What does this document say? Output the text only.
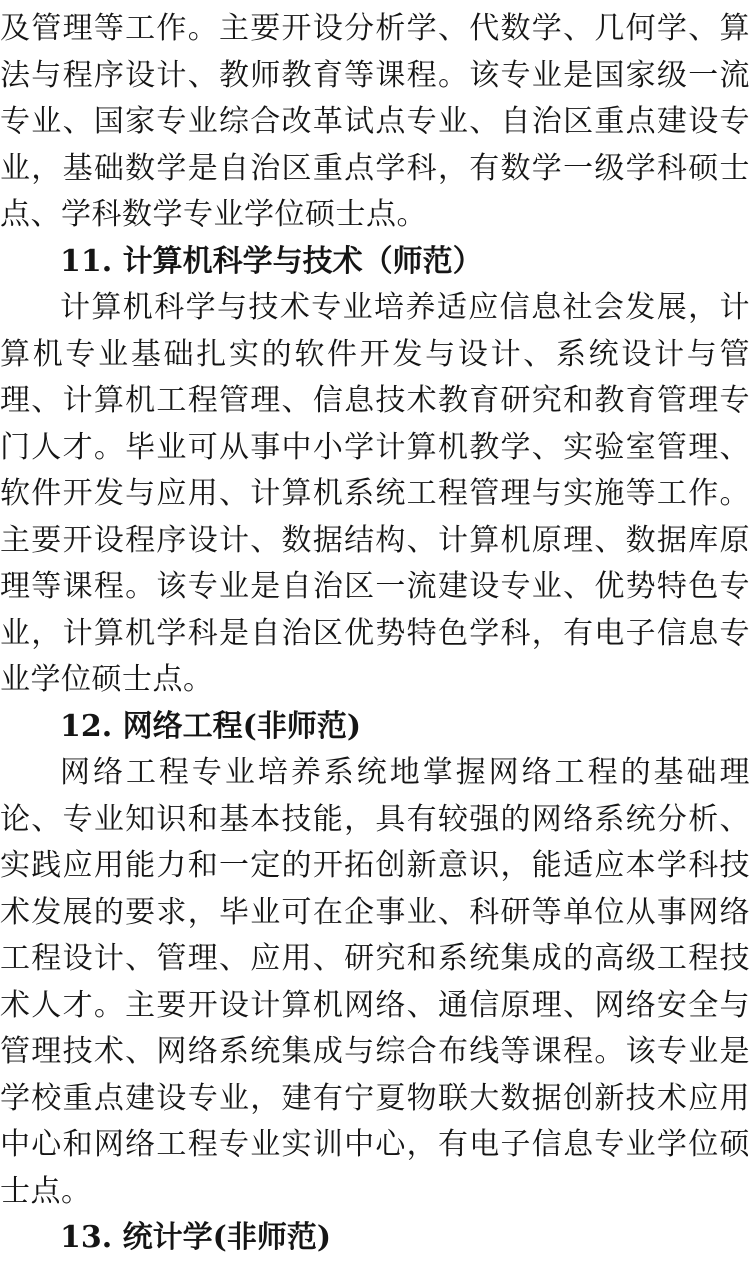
及管理等工作。主要开设分析学、代数学、几何学、算法与程序设计、教师教育等课程。该专业是国家级一流专业、国家专业综合改革试点专业、自治区重点建设专业，基础数学是自治区重点学科，有数学一级学科硕士点、学科数学专业学位硕士点。

11. 计算机科学与技术（师范）

计算机科学与技术专业培养适应信息社会发展，计算机专业基础扎实的软件开发与设计、系统设计与管理、计算机工程管理、信息技术教育研究和教育管理专门人才。毕业可从事中小学计算机教学、实验室管理、软件开发与应用、计算机系统工程管理与实施等工作。主要开设程序设计、数据结构、计算机原理、数据库原理等课程。该专业是自治区一流建设专业、优势特色专业，计算机学科是自治区优势特色学科，有电子信息专业学位硕士点。

12. 网络工程(非师范)

网络工程专业培养系统地掌握网络工程的基础理论、专业知识和基本技能，具有较强的网络系统分析、实践应用能力和一定的开拓创新意识，能适应本学科技术发展的要求，毕业可在企事业、科研等单位从事网络工程设计、管理、应用、研究和系统集成的高级工程技术人才。主要开设计算机网络、通信原理、网络安全与管理技术、网络系统集成与综合布线等课程。该专业是学校重点建设专业，建有宁夏物联大数据创新技术应用中心和网络工程专业实训中心，有电子信息专业学位硕士点。

13. 统计学(非师范)
